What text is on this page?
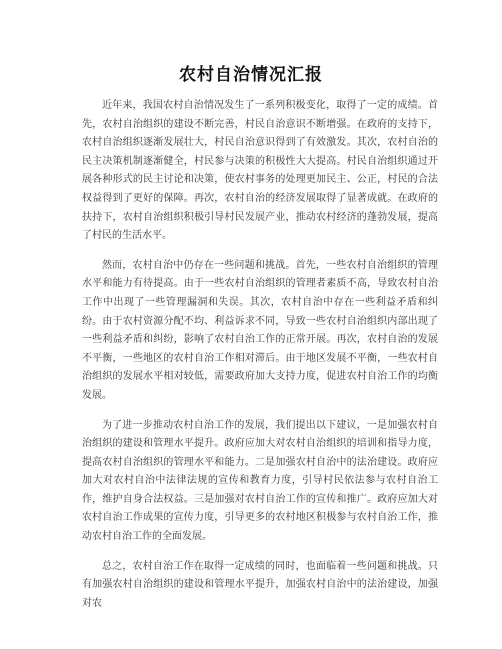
农村自治情况汇报

近年来，我国农村自治情况发生了一系列积极变化，取得了一定的成绩。首先，农村自治组织的建设不断完善，村民自治意识不断增强。在政府的支持下，农村自治组织逐渐发展壮大，村民自治意识得到了有效激发。其次，农村自治的民主决策机制逐渐健全，村民参与决策的积极性大大提高。村民自治组织通过开展各种形式的民主讨论和决策，使农村事务的处理更加民主、公正，村民的合法权益得到了更好的保障。再次，农村自治的经济发展取得了显著成就。在政府的扶持下，农村自治组织积极引导村民发展产业，推动农村经济的蓬勃发展，提高了村民的生活水平。

然而，农村自治中仍存在一些问题和挑战。首先，一些农村自治组织的管理水平和能力有待提高。由于一些农村自治组织的管理者素质不高，导致农村自治工作中出现了一些管理漏洞和失误。其次，农村自治中存在一些利益矛盾和纠纷。由于农村资源分配不均、利益诉求不同，导致一些农村自治组织内部出现了一些利益矛盾和纠纷，影响了农村自治工作的正常开展。再次，农村自治的发展不平衡，一些地区的农村自治工作相对滞后。由于地区发展不平衡，一些农村自治组织的发展水平相对较低，需要政府加大支持力度，促进农村自治工作的均衡发展。

为了进一步推动农村自治工作的发展，我们提出以下建议，一是加强农村自治组织的建设和管理水平提升。政府应加大对农村自治组织的培训和指导力度，提高农村自治组织的管理水平和能力。二是加强农村自治中的法治建设。政府应加大对农村自治中法律法规的宣传和教育力度，引导村民依法参与农村自治工作，维护自身合法权益。三是加强对农村自治工作的宣传和推广。政府应加大对农村自治工作成果的宣传力度，引导更多的农村地区积极参与农村自治工作，推动农村自治工作的全面发展。

总之，农村自治工作在取得一定成绩的同时，也面临着一些问题和挑战。只有加强农村自治组织的建设和管理水平提升，加强农村自治中的法治建设，加强对农
